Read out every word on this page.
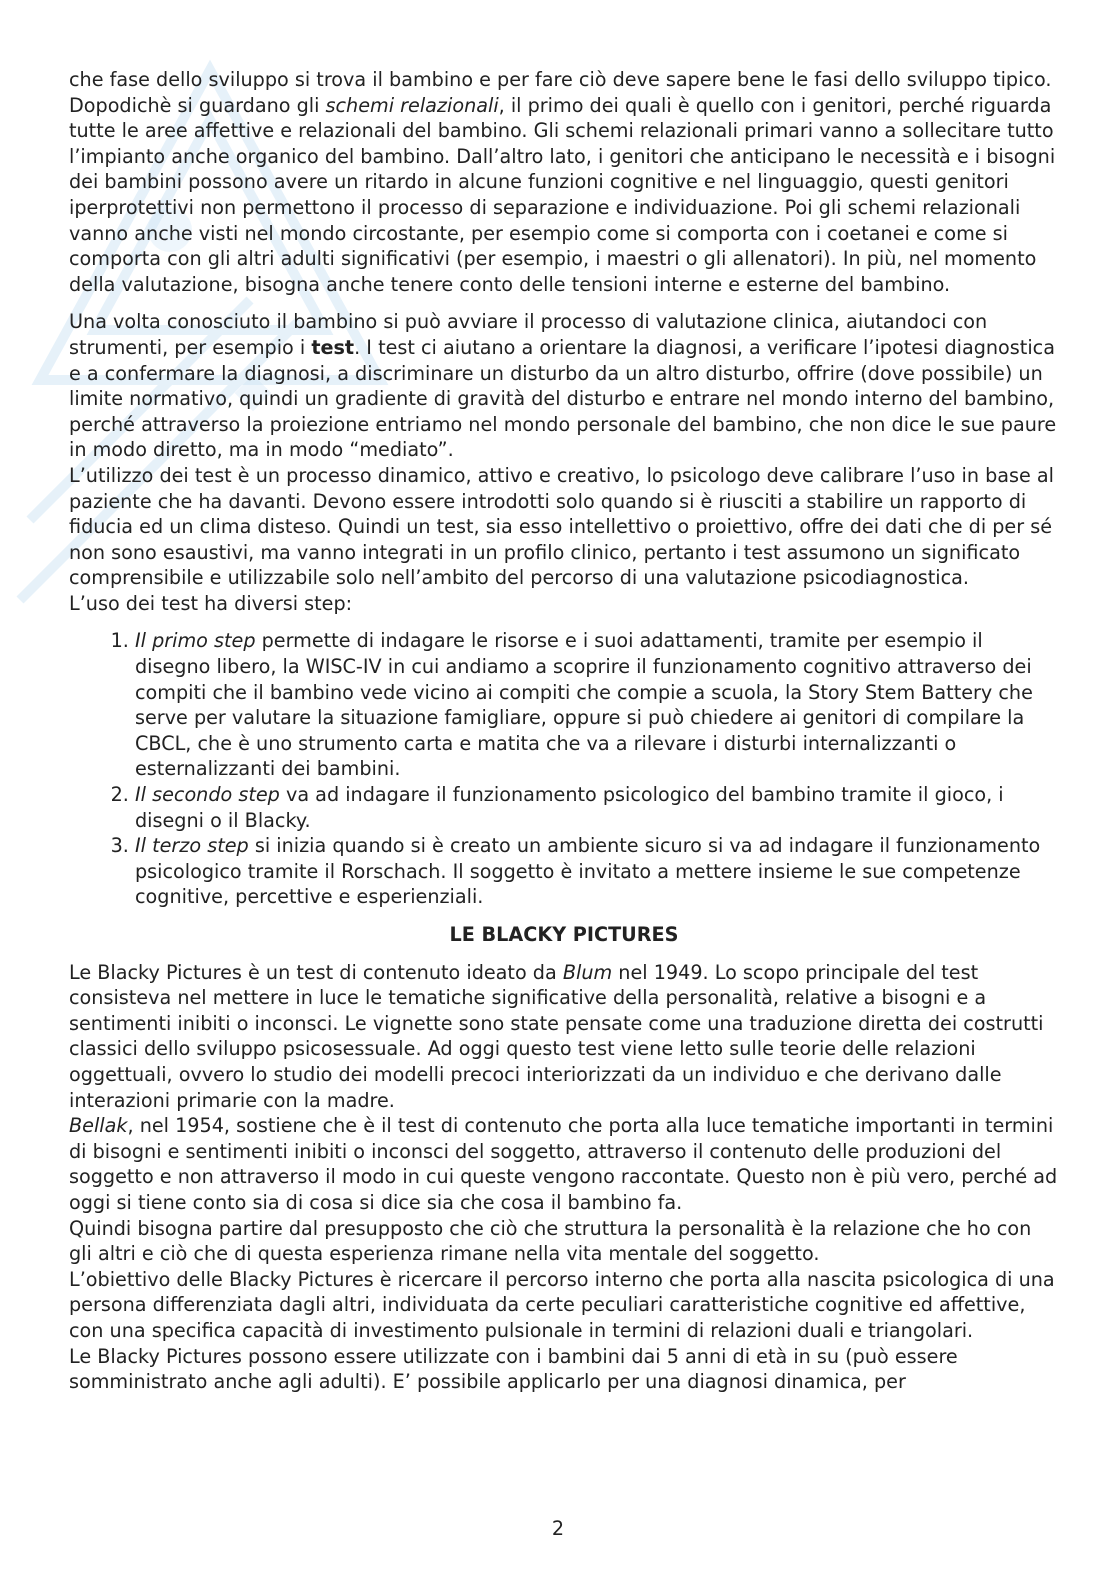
che fase dello sviluppo si trova il bambino e per fare ciò deve sapere bene le fasi dello sviluppo tipico. Dopodichè si guardano gli schemi relazionali, il primo dei quali è quello con i genitori, perché riguarda tutte le aree affettive e relazionali del bambino. Gli schemi relazionali primari vanno a sollecitare tutto l’impianto anche organico del bambino. Dall’altro lato, i genitori che anticipano le necessità e i bisogni dei bambini possono avere un ritardo in alcune funzioni cognitive e nel linguaggio, questi genitori iperprotettivi non permettono il processo di separazione e individuazione. Poi gli schemi relazionali vanno anche visti nel mondo circostante, per esempio come si comporta con i coetanei e come si comporta con gli altri adulti significativi (per esempio, i maestri o gli allenatori). In più, nel momento della valutazione, bisogna anche tenere conto delle tensioni interne e esterne del bambino.

Una volta conosciuto il bambino si può avviare il processo di valutazione clinica, aiutandoci con strumenti, per esempio i test. I test ci aiutano a orientare la diagnosi, a verificare l’ipotesi diagnostica e a confermare la diagnosi, a discriminare un disturbo da un altro disturbo, offrire (dove possibile) un limite normativo, quindi un gradiente di gravità del disturbo e entrare nel mondo interno del bambino, perché attraverso la proiezione entriamo nel mondo personale del bambino, che non dice le sue paure in modo diretto, ma in modo “mediato”.

L’utilizzo dei test è un processo dinamico, attivo e creativo, lo psicologo deve calibrare l’uso in base al paziente che ha davanti. Devono essere introdotti solo quando si è riusciti a stabilire un rapporto di fiducia ed un clima disteso. Quindi un test, sia esso intellettivo o proiettivo, offre dei dati che di per sé non sono esaustivi, ma vanno integrati in un profilo clinico, pertanto i test assumono un significato comprensibile e utilizzabile solo nell’ambito del percorso di una valutazione psicodiagnostica.

L’uso dei test ha diversi step:

1. Il primo step permette di indagare le risorse e i suoi adattamenti, tramite per esempio il disegno libero, la WISC-IV in cui andiamo a scoprire il funzionamento cognitivo attraverso dei compiti che il bambino vede vicino ai compiti che compie a scuola, la Story Stem Battery che serve per valutare la situazione famigliare, oppure si può chiedere ai genitori di compilare la CBCL, che è uno strumento carta e matita che va a rilevare i disturbi internalizzanti o esternalizzanti dei bambini.
2. Il secondo step va ad indagare il funzionamento psicologico del bambino tramite il gioco, i disegni o il Blacky.
3. Il terzo step si inizia quando si è creato un ambiente sicuro si va ad indagare il funzionamento psicologico tramite il Rorschach. Il soggetto è invitato a mettere insieme le sue competenze cognitive, percettive e esperienziali.
LE BLACKY PICTURES

Le Blacky Pictures è un test di contenuto ideato da Blum nel 1949. Lo scopo principale del test consisteva nel mettere in luce le tematiche significative della personalità, relative a bisogni e a sentimenti inibiti o inconsci. Le vignette sono state pensate come una traduzione diretta dei costrutti classici dello sviluppo psicosessuale. Ad oggi questo test viene letto sulle teorie delle relazioni oggettuali, ovvero lo studio dei modelli precoci interiorizzati da un individuo e che derivano dalle interazioni primarie con la madre.

Bellak, nel 1954, sostiene che è il test di contenuto che porta alla luce tematiche importanti in termini di bisogni e sentimenti inibiti o inconsci del soggetto, attraverso il contenuto delle produzioni del soggetto e non attraverso il modo in cui queste vengono raccontate. Questo non è più vero, perché ad oggi si tiene conto sia di cosa si dice sia che cosa il bambino fa.

Quindi bisogna partire dal presupposto che ciò che struttura la personalità è la relazione che ho con gli altri e ciò che di questa esperienza rimane nella vita mentale del soggetto.

L’obiettivo delle Blacky Pictures è ricercare il percorso interno che porta alla nascita psicologica di una persona differenziata dagli altri, individuata da certe peculiari caratteristiche cognitive ed affettive, con una specifica capacità di investimento pulsionale in termini di relazioni duali e triangolari.

Le Blacky Pictures possono essere utilizzate con i bambini dai 5 anni di età in su (può essere somministrato anche agli adulti). E’ possibile applicarlo per una diagnosi dinamica, per

2
